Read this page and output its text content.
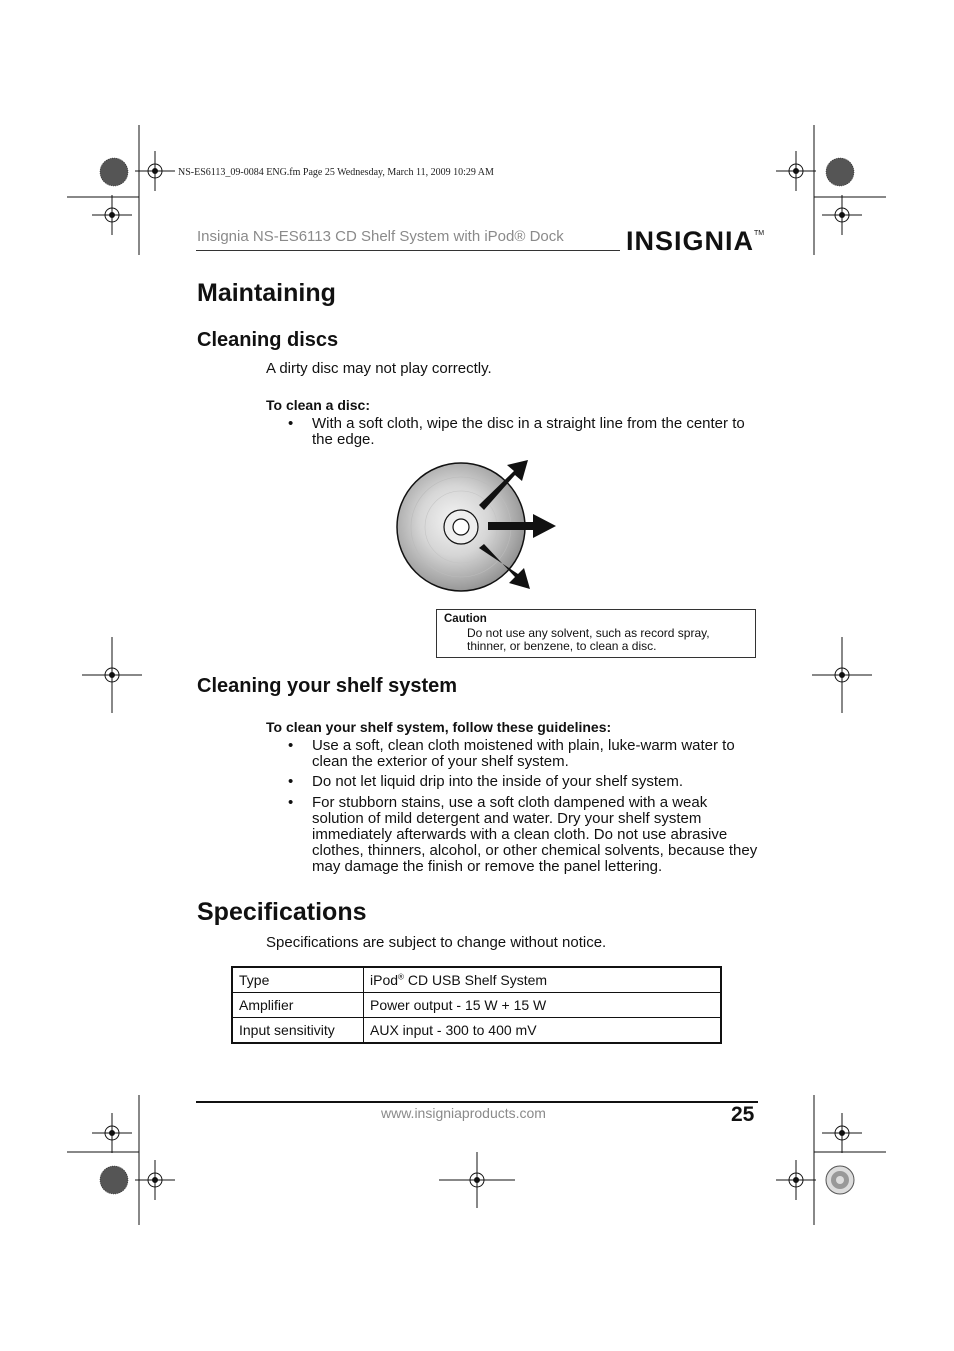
NS-ES6113_09-0084 ENG.fm Page 25 Wednesday, March 11, 2009 10:29 AM
Insignia NS-ES6113 CD Shelf System with iPod® Dock INSIGNIA™
Maintaining
Cleaning discs
A dirty disc may not play correctly.
To clean a disc:
• With a soft cloth, wipe the disc in a straight line from the center to the edge.
Caution
Do not use any solvent, such as record spray, thinner, or benzene, to clean a disc.
Cleaning your shelf system
To clean your shelf system, follow these guidelines:
• Use a soft, clean cloth moistened with plain, luke-warm water to clean the exterior of your shelf system.
• Do not let liquid drip into the inside of your shelf system.
• For stubborn stains, use a soft cloth dampened with a weak solution of mild detergent and water. Dry your shelf system immediately afterwards with a clean cloth. Do not use abrasive clothes, thinners, alcohol, or other chemical solvents, because they may damage the finish or remove the panel lettering.
Specifications
Specifications are subject to change without notice.
Type	iPod® CD USB Shelf System
Amplifier	Power output - 15 W + 15 W
Input sensitivity	AUX input - 300 to 400 mV
www.insigniaproducts.com	25
